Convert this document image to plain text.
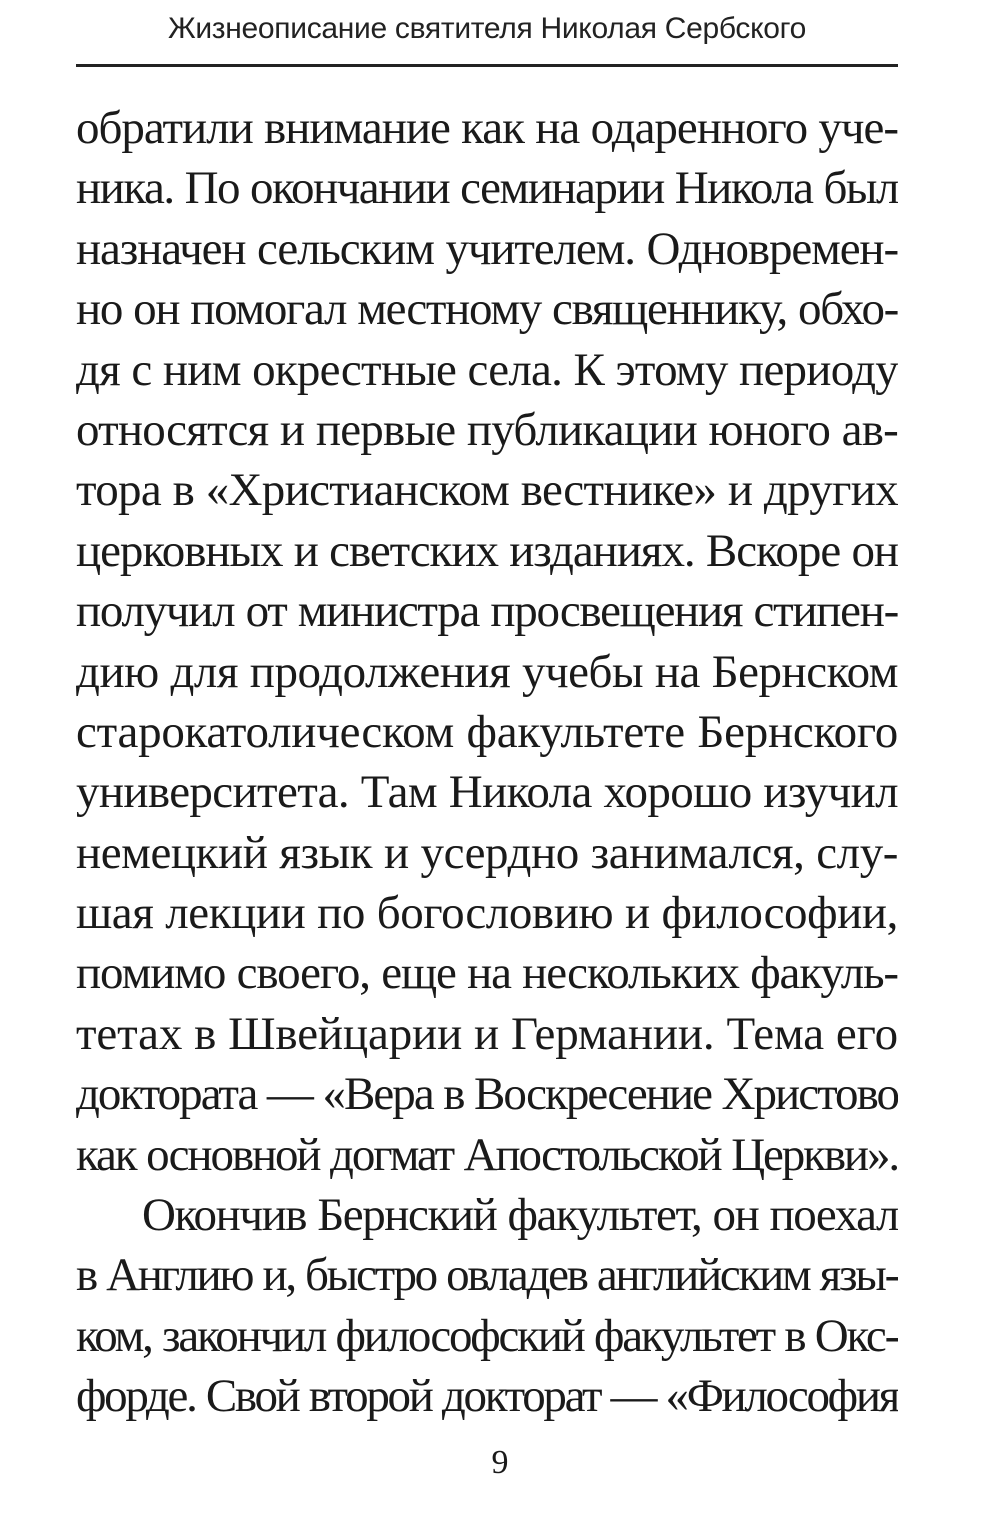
Жизнеописание святителя Николая Сербского
обратили внимание как на одаренного уче-
ника. По окончании семинарии Никола был
назначен сельским учителем. Одновремен-
но он помогал местному священнику, обхо-
дя с ним окрестные села. К этому периоду
относятся и первые публикации юного ав-
тора в «Христианском вестнике» и других
церковных и светских изданиях. Вскоре он
получил от министра просвещения стипен-
дию для продолжения учебы на Бернском
старокатолическом факультете Бернского
университета. Там Никола хорошо изучил
немецкий язык и усердно занимался, слу-
шая лекции по богословию и философии,
помимо своего, еще на нескольких факуль-
тетах в Швейцарии и Германии. Тема его
доктората — «Вера в Воскресение Христово
как основной догмат Апостольской Церкви».
Окончив Бернский факультет, он поехал
в Англию и, быстро овладев английским язы-
ком, закончил философский факультет в Окс-
форде. Свой второй докторат — «Философия
9
